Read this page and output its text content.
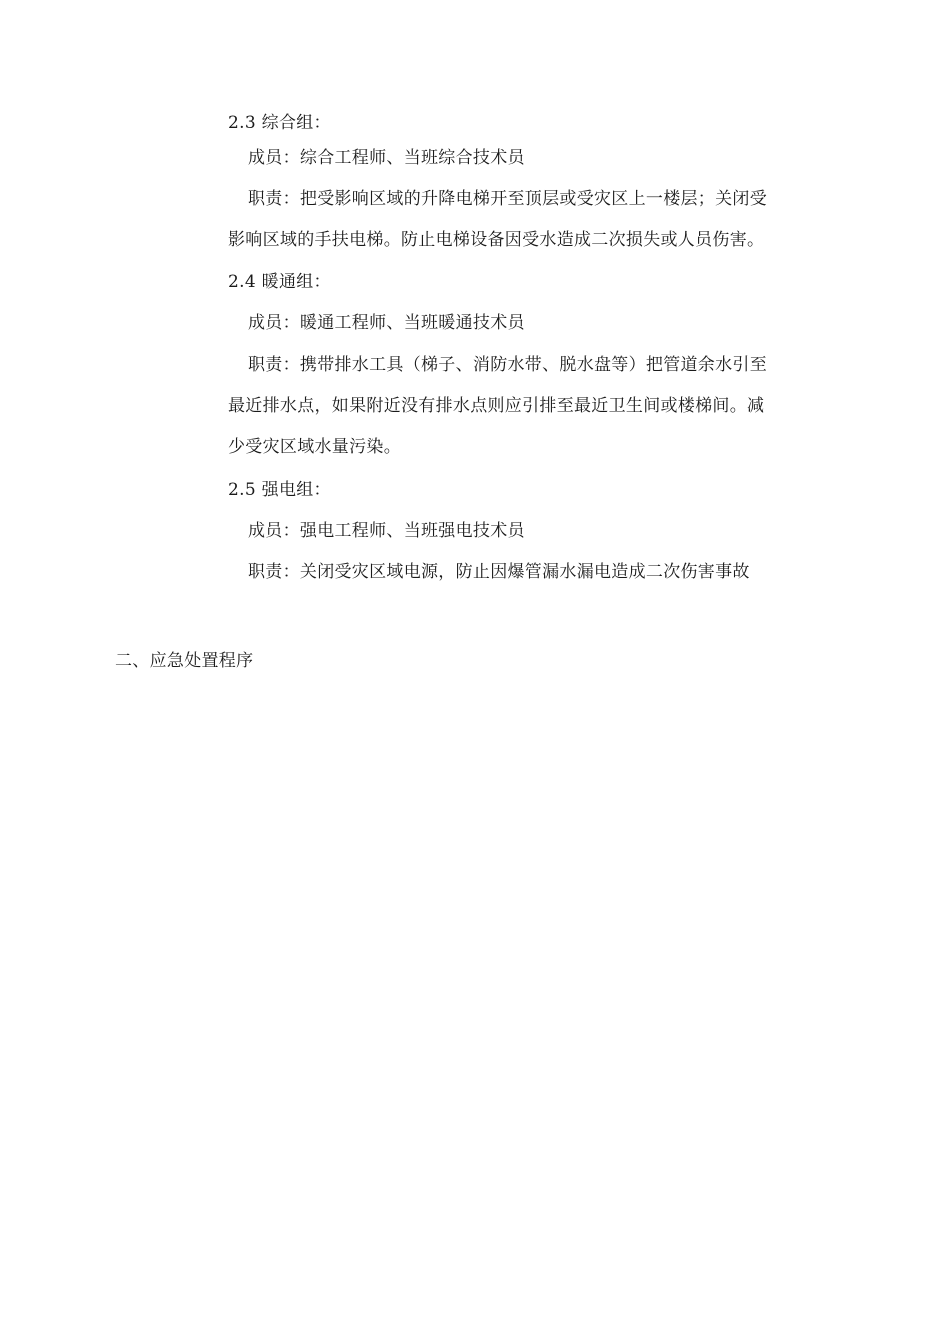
2.3 综合组：
成员：综合工程师、当班综合技术员
职责：把受影响区域的升降电梯开至顶层或受灾区上一楼层；关闭受
影响区域的手扶电梯。防止电梯设备因受水造成二次损失或人员伤害。
2.4 暖通组：
成员：暖通工程师、当班暖通技术员
职责：携带排水工具（梯子、消防水带、脱水盘等）把管道余水引至
最近排水点，如果附近没有排水点则应引排至最近卫生间或楼梯间。减
少受灾区域水量污染。
2.5 强电组：
成员：强电工程师、当班强电技术员
职责：关闭受灾区域电源，防止因爆管漏水漏电造成二次伤害事故
二、应急处置程序
